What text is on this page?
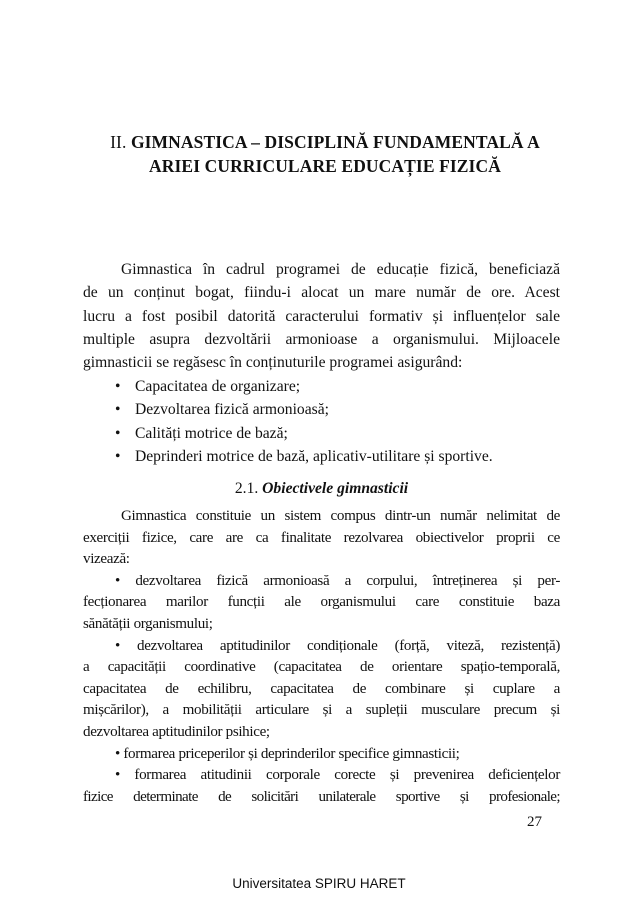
II. GIMNASTICA – DISCIPLINĂ FUNDAMENTALĂ A
ARIEI CURRICULARE EDUCAȚIE FIZICĂ
Gimnastica în cadrul programei de educație fizică, beneficiază
de un conținut bogat, fiindu-i alocat un mare număr de ore. Acest
lucru a fost posibil datorită caracterului formativ și influențelor sale
multiple asupra dezvoltării armonioase a organismului. Mijloacele
gimnasticii se regăsesc în conținuturile programei asigurând:
• Capacitatea de organizare;
• Dezvoltarea fizică armonioasă;
• Calități motrice de bază;
• Deprinderi motrice de bază, aplicativ-utilitare și sportive.
2.1. Obiectivele gimnasticii
Gimnastica constituie un sistem compus dintr-un număr nelimitat de
exerciții fizice, care are ca finalitate rezolvarea obiectivelor proprii ce
vizează:
• dezvoltarea fizică armonioasă a corpului, întreținerea și per-
fecționarea marilor funcții ale organismului care constituie baza
sănătății organismului;
• dezvoltarea aptitudinilor condiționale (forță, viteză, rezistență)
a capacității coordinative (capacitatea de orientare spațio-temporală,
capacitatea de echilibru, capacitatea de combinare și cuplare a
mișcărilor), a mobilității articulare și a supleții musculare precum și
dezvoltarea aptitudinilor psihice;
• formarea priceperilor și deprinderilor specifice gimnasticii;
• formarea atitudinii corporale corecte și prevenirea deficiențelor
fizice determinate de solicitări unilaterale sportive și profesionale;
27
Universitatea SPIRU HARET
